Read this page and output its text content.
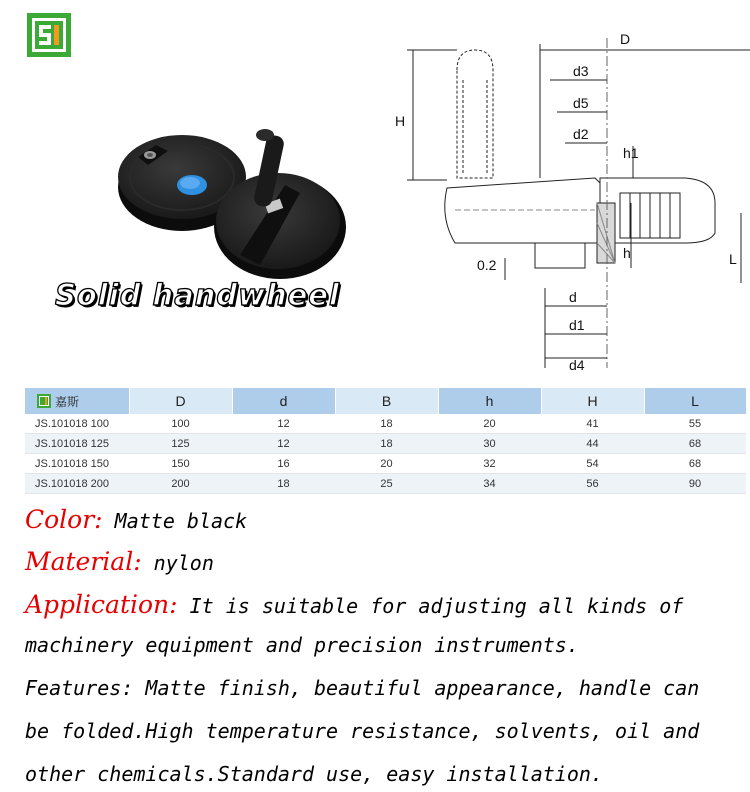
Solid handwheel
D
d3
d5
d2
h1
H
h	L
0.2
d
d1
d4
嘉斯	D	d	B	h	H	L
JS.101018 100	100	12	18	20	41	55
JS.101018 125	125	12	18	30	44	68
JS.101018 150	150	16	20	32	54	68
JS.101018 200	200	18	25	34	56	90
Color: Matte black
Material: nylon
Application: It is suitable for adjusting all kinds of
machinery equipment and precision instruments.
Features: Matte finish, beautiful appearance, handle can
be folded.High temperature resistance, solvents, oil and
other chemicals.Standard use, easy installation.
